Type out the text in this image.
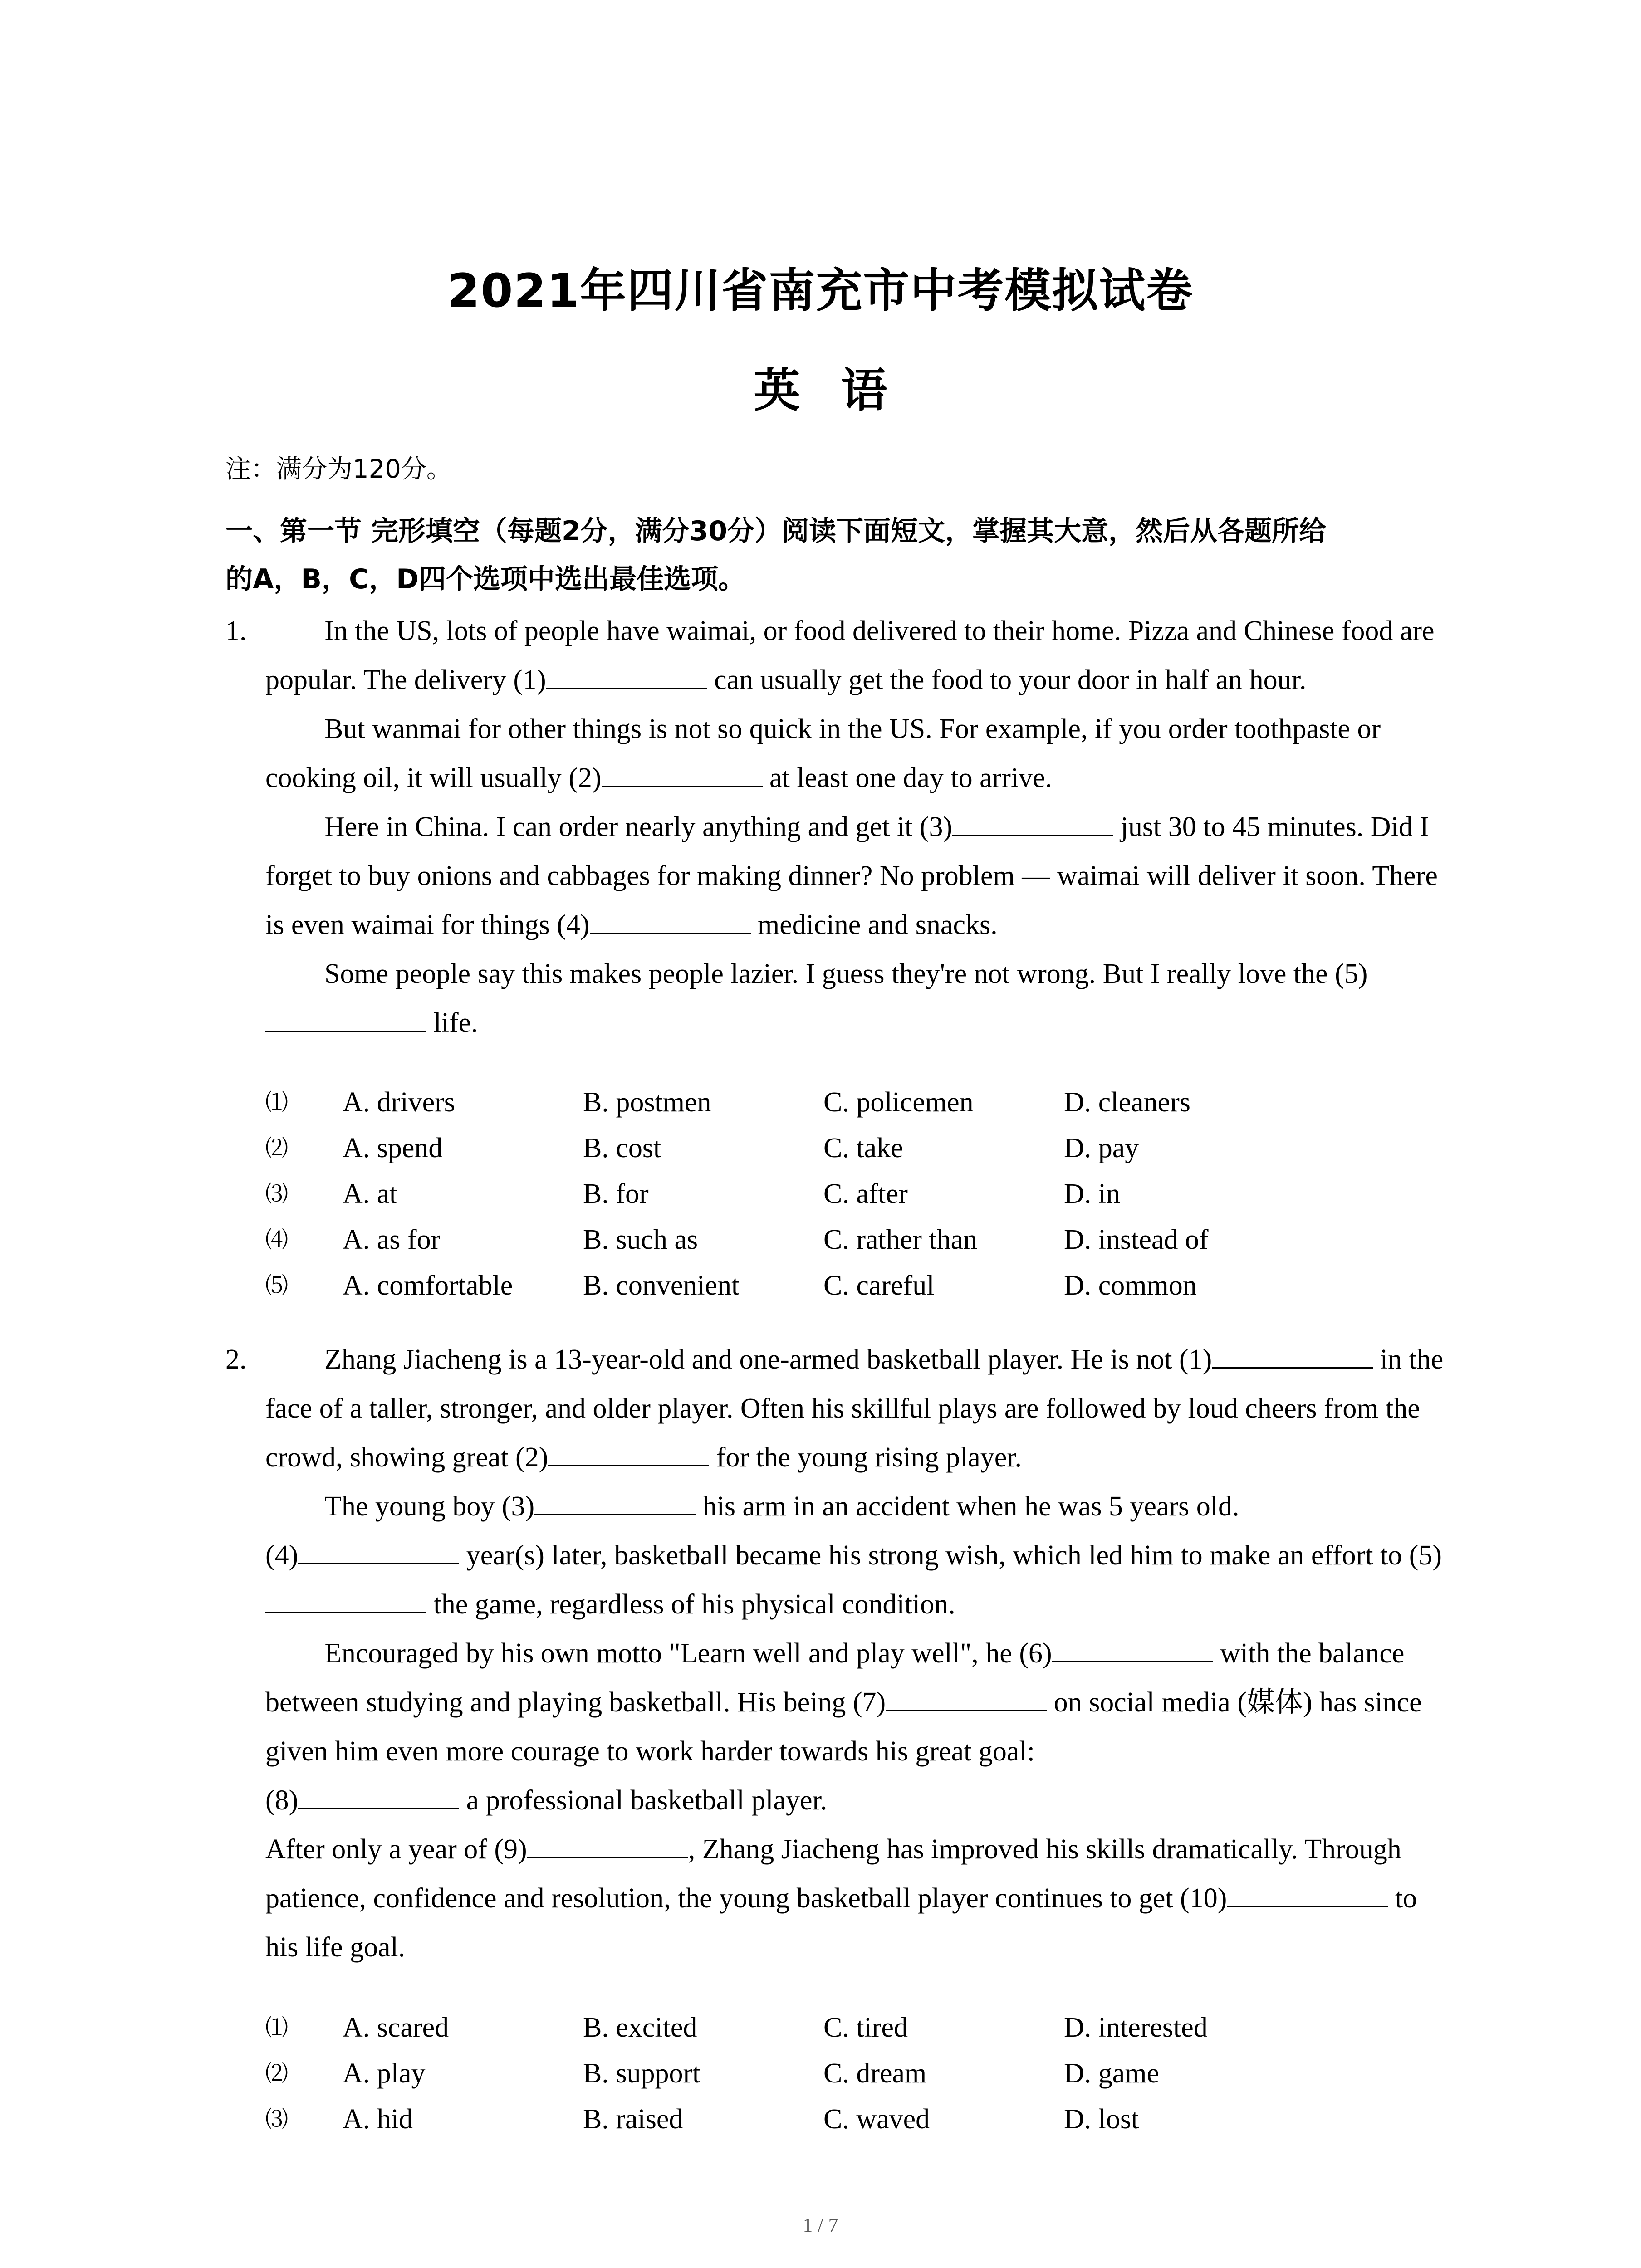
2021年四川省南充市中考模拟试卷
英语
注：满分为120分。
一、第一节 完形填空（每题2分，满分30分）阅读下面短文，掌握其大意，然后从各题所给
的A，B，C，D四个选项中选出最佳选项。
1.	In the US, lots of people have waimai, or food delivered to their home. Pizza and Chinese food are popular. The delivery (1)	can usually get the food to your door in half an hour.

But wanmai for other things is not so quick in the US. For example, if you order toothpaste or cooking oil, it will usually (2)	at least one day to arrive.

Here in China. I can order nearly anything and get it (3)	just 30 to 45 minutes. Did I forget to buy onions and cabbages for making dinner? No problem — waimai will deliver it soon. There is even waimai for things (4)	medicine and snacks.

Some people say this makes people lazier. I guess they're not wrong. But I really love the (5) life.

⑴ A. drivers	B. postmen	C. policemen	D. cleaners
⑵ A. spend	B. cost	C. take	D. pay
⑶ A. at	B. for	C. after	D. in
⑷ A. as for	B. such as	C. rather than	D. instead of
⑸ A. comfortable B. convenient	C. careful	D. common
2.	Zhang Jiacheng is a 13-year-old and one-armed basketball player. He is not (1)	in the face of a taller, stronger, and older player. Often his skillful plays are followed by loud cheers from the crowd, showing great (2)	for the young rising player.

The young boy (3)	his arm in an accident when he was 5 years old.

(4)	year(s) later, basketball became his strong wish, which led him to make an effort to (5) the game, regardless of his physical condition.

Encouraged by his own motto "Learn well and play well", he (6)	with the balance between studying and playing basketball. His being (7)	on social media (媒体) has since given him even more courage to work harder towards his great goal:

(8)	a professional basketball player.

After only a year of (9)	, Zhang Jiacheng has improved his skills dramatically. Through patience, confidence and resolution, the young basketball player continues to get (10)	to his life goal.

⑴ A. scared	B. excited	C. tired	D. interested
⑵ A. play	B. support	C. dream	D. game
⑶ A. hid	B. raised	C. waved	D. lost
1 / 7
